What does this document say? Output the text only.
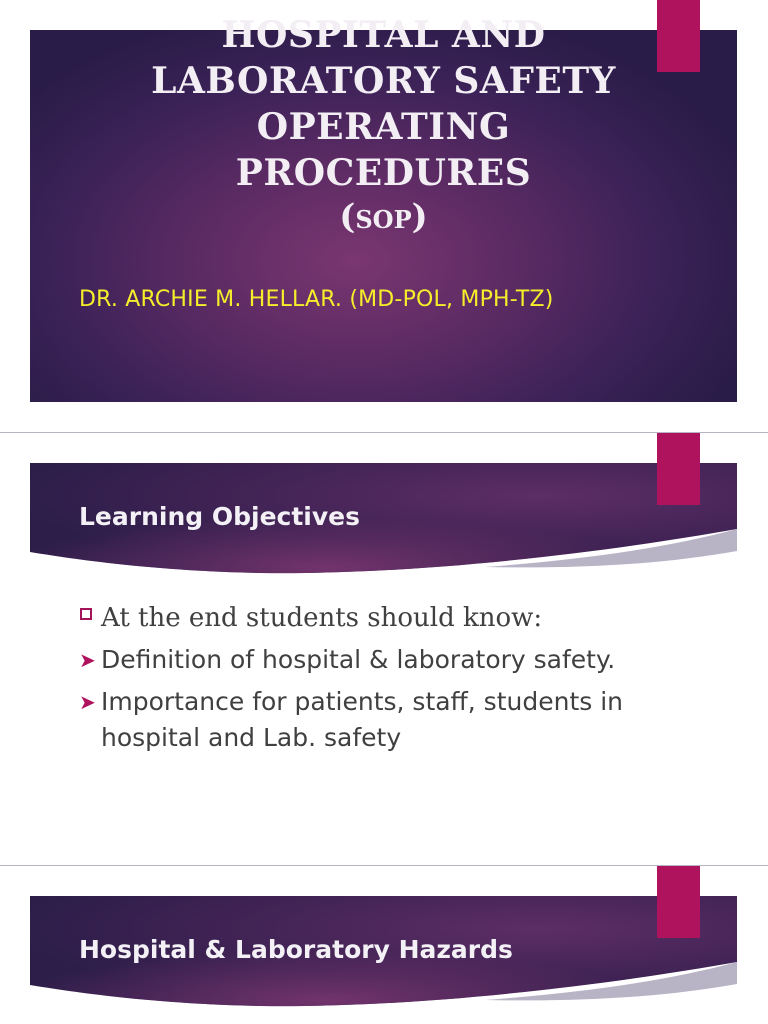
HOSPITAL AND
LABORATORY SAFETY
OPERATING
PROCEDURES
(SOP)
DR. ARCHIE M. HELLAR. (MD-POL, MPH-TZ)
Learning Objectives
At the end students should know:
➤ Definition of hospital & laboratory safety.
➤ Importance for patients, staff, students in hospital and Lab. safety
Hospital & Laboratory Hazards
